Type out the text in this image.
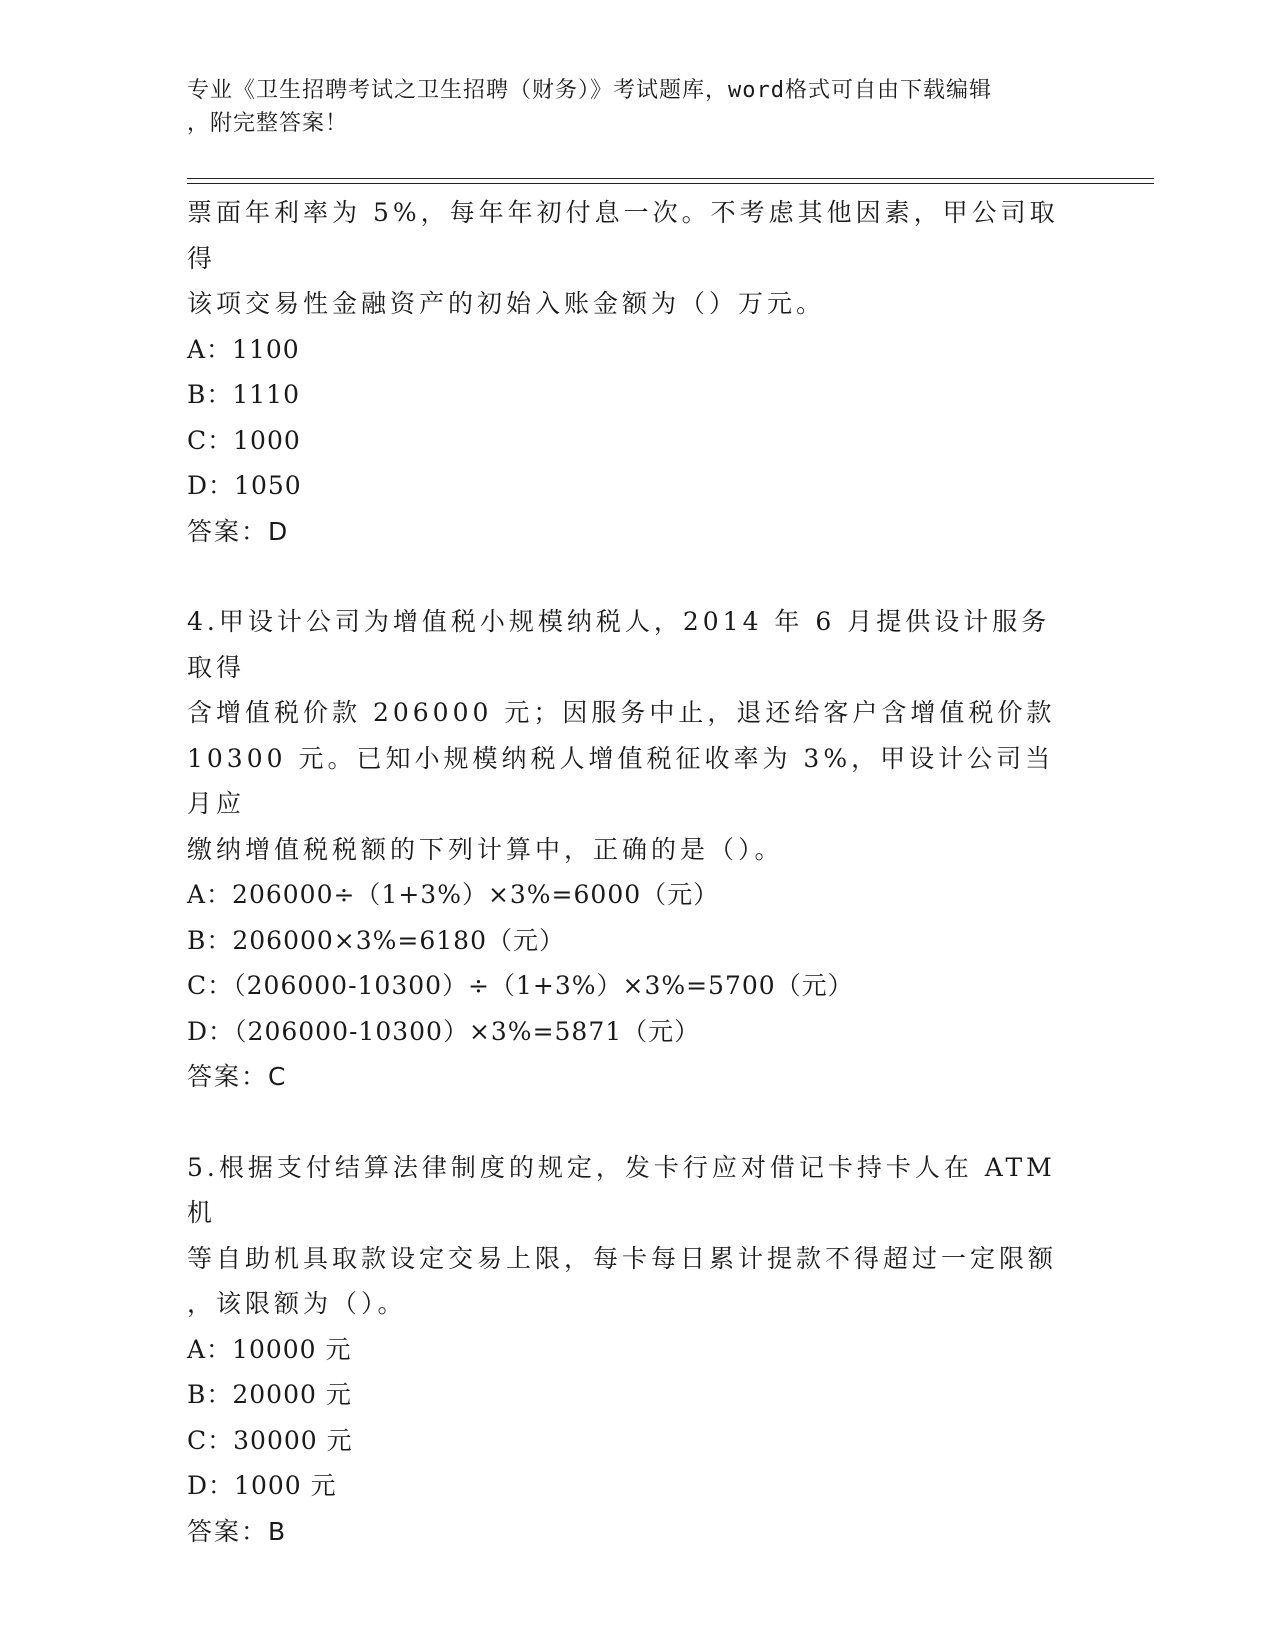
专业《卫生招聘考试之卫生招聘（财务）》考试题库，word格式可自由下载编辑
，附完整答案！

票面年利率为 5%，每年年初付息一次。不考虑其他因素，甲公司取得
该项交易性金融资产的初始入账金额为（）万元。

A：1100

B：1110

C：1000

D：1050

答案：D

4.甲设计公司为增值税小规模纳税人，2014 年 6 月提供设计服务取得
含增值税价款 206000 元；因服务中止，退还给客户含增值税价款
10300 元。已知小规模纳税人增值税征收率为 3%，甲设计公司当月应
缴纳增值税税额的下列计算中，正确的是（）。

A：206000÷（1+3%）×3%=6000（元）

B：206000×3%=6180（元）

C：（206000-10300）÷（1+3%）×3%=5700（元）

D：（206000-10300）×3%=5871（元）

答案：C

5.根据支付结算法律制度的规定，发卡行应对借记卡持卡人在 ATM 机
等自助机具取款设定交易上限，每卡每日累计提款不得超过一定限额
，该限额为（）。

A：10000 元

B：20000 元

C：30000 元

D：1000 元

答案：B
